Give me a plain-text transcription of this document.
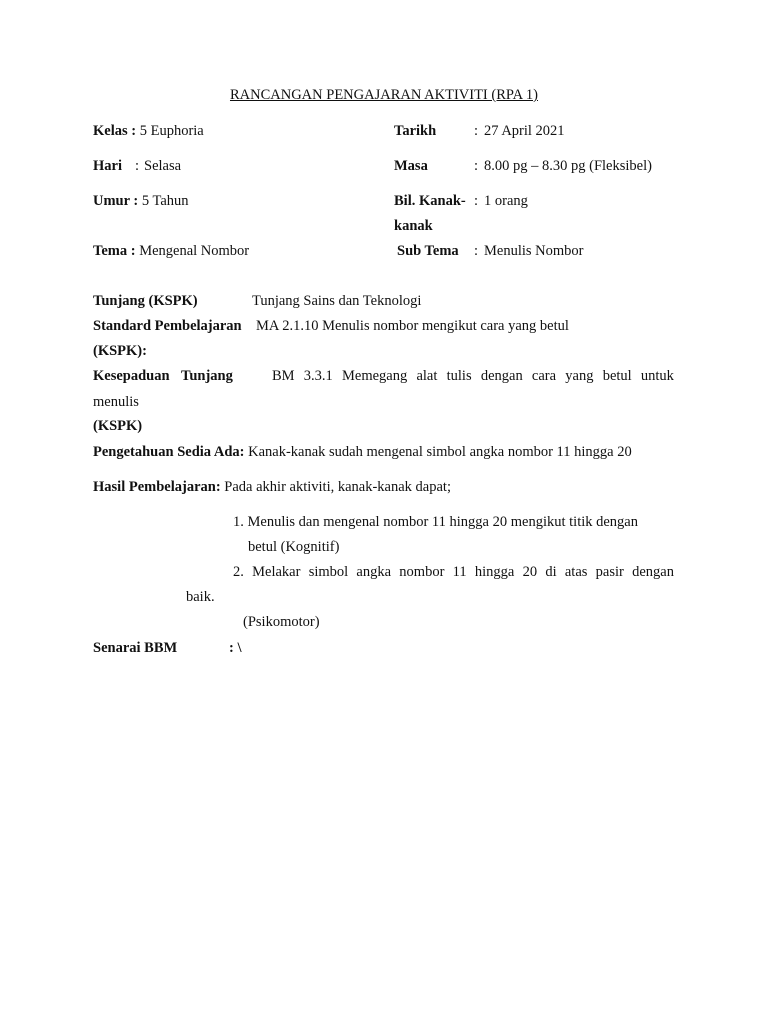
RANCANGAN PENGAJARAN AKTIVITI (RPA 1)
Kelas : 5 Euphoria	Tarikh	: 27 April 2021
Hari : Selasa	Masa	: 8.00 pg – 8.30 pg (Fleksibel)
Umur : 5 Tahun	Bil. Kanak- : 1 orang
kanak
Tema : Mengenal Nombor	Sub Tema : Menulis Nombor
Tunjang (KSPK)	Tunjang Sains dan Teknologi
Standard Pembelajaran MA 2.1.10 Menulis nombor mengikut cara yang betul
(KSPK):
Kesepaduan Tunjang	BM 3.3.1 Memegang alat tulis dengan cara yang betul untuk
menulis
(KSPK)
Pengetahuan Sedia Ada: Kanak-kanak sudah mengenal simbol angka nombor 11 hingga 20
Hasil Pembelajaran: Pada akhir aktiviti, kanak-kanak dapat;
1. Menulis dan mengenal nombor 11 hingga 20 mengikut titik dengan
betul (Kognitif)
2. Melakar simbol angka nombor 11 hingga 20 di atas pasir dengan
baik.
(Psikomotor)
Senarai BBM	: \
